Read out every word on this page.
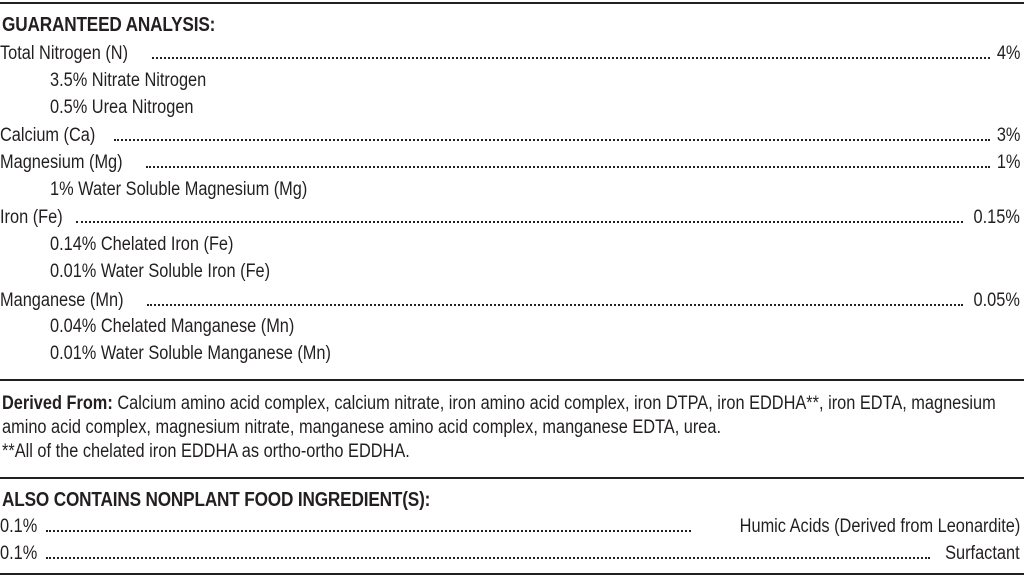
GUARANTEED ANALYSIS:
Total Nitrogen (N)	4%
3.5% Nitrate Nitrogen
0.5% Urea Nitrogen
Calcium (Ca)	3%
Magnesium (Mg)	1%
1% Water Soluble Magnesium (Mg)
Iron (Fe)	0.15%
0.14% Chelated Iron (Fe)
0.01% Water Soluble Iron (Fe)
Manganese (Mn)	0.05%
0.04% Chelated Manganese (Mn)
0.01% Water Soluble Manganese (Mn)
Derived From: Calcium amino acid complex, calcium nitrate, iron amino acid complex, iron DTPA, iron EDDHA**, iron EDTA, magnesium amino acid complex, magnesium nitrate, manganese amino acid complex, manganese EDTA, urea.
**All of the chelated iron EDDHA as ortho-ortho EDDHA.
ALSO CONTAINS NONPLANT FOOD INGREDIENT(S):
0.1%	Humic Acids (Derived from Leonardite)
0.1%	Surfactant
